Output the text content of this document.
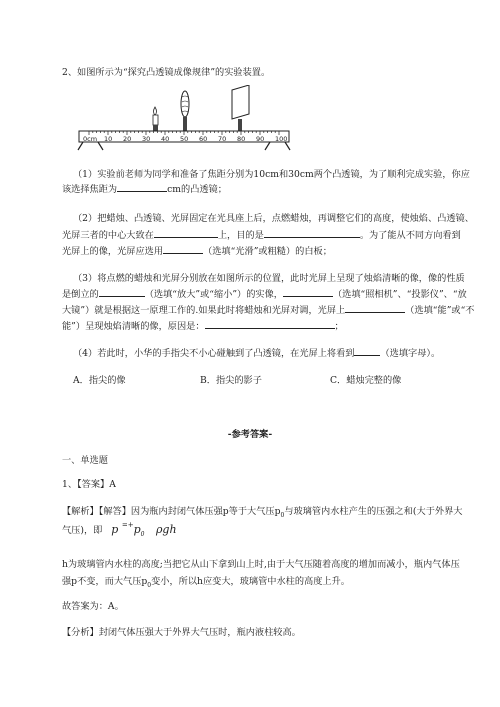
2、如图所示为“探究凸透镜成像规律”的实验装置。
0cm 10 20 30 40 50 60 70 80 90 100
（1）实验前老师为同学和准备了焦距分别为10cm和30cm两个凸透镜，为了顺利完成实验，你应
该选择焦距为	cm的凸透镜；
（2）把蜡烛、凸透镜、光屏固定在光具座上后，点燃蜡烛，再调整它们的高度，使烛焰、凸透镜、
光屏三者的中心大致在	上，目的是	。为了能从不同方向看到
光屏上的像，光屏应选用	（选填“光滑”或粗糙）的白板；
（3）将点燃的蜡烛和光屏分别放在如图所示的位置，此时光屏上呈现了烛焰清晰的像，像的性质
是倒立的	（选填“放大”或“缩小”）的实像，	（选填“照相机”、“投影仪”、“放
大镜”）就是根据这一原理工作的.如果此时将蜡烛和光屏对调，光屏上	（选填“能”或“不
能”）呈现烛焰清晰的像，原因是：	；
（4）若此时，小华的手指尖不小心碰触到了凸透镜，在光屏上将看到	（选填字母）。
A．指尖的像	B．指尖的影子	C．蜡烛完整的像
-参考答案-
一、单选题
1、【答案】A
【解析】【解答】因为瓶内封闭气体压强p等于大气压$p_0$与玻璃管内水柱产生的压强之和(大于外界大
气压)，即 p $^{=+}p_0$ ρgh
h为玻璃管内水柱的高度;当把它从山下拿到山上时,由于大气压随着高度的增加而减小，瓶内气体压
强p不变，而大气压$p_0$变小，所以h应变大，玻璃管中水柱的高度上升。
故答案为：A。
【分析】封闭气体压强大于外界大气压时，瓶内液柱较高。
